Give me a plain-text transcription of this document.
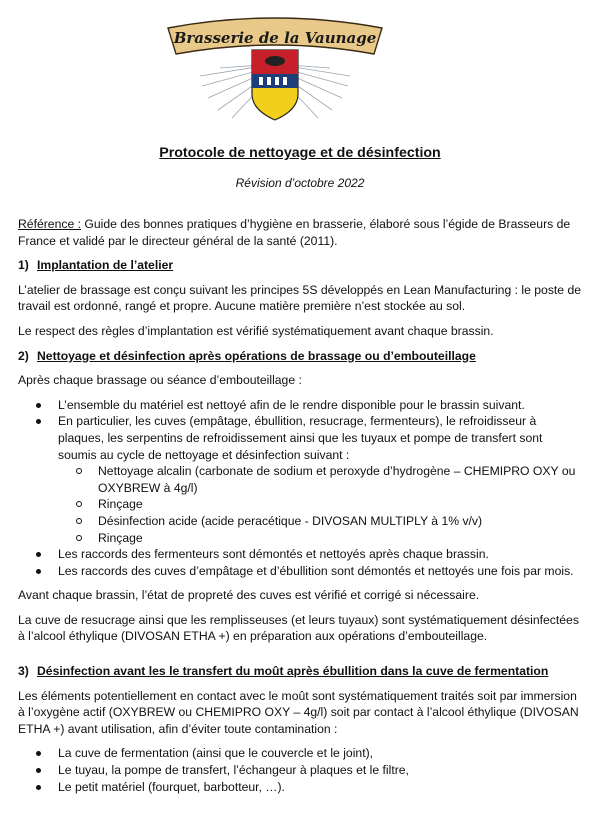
Brasserie de la Vaunage
Protocole de nettoyage et de désinfection
Révision d’octobre 2022

Référence : Guide des bonnes pratiques d’hygiène en brasserie, élaboré sous l’égide de Brasseurs de France et validé par le directeur général de la santé (2011).

1) Implantation de l’atelier

L’atelier de brassage est conçu suivant les principes 5S développés en Lean Manufacturing : le poste de travail est ordonné, rangé et propre. Aucune matière première n’est stockée au sol.

Le respect des règles d’implantation est vérifié systématiquement avant chaque brassin.

2) Nettoyage et désinfection après opérations de brassage ou d’embouteillage

Après chaque brassage ou séance d’embouteillage :

L’ensemble du matériel est nettoyé afin de le rendre disponible pour le brassin suivant.
En particulier, les cuves (empâtage, ébullition, resucrage, fermenteurs), le refroidisseur à plaques, les serpentins de refroidissement ainsi que les tuyaux et pompe de transfert sont soumis au cycle de nettoyage et désinfection suivant :
Nettoyage alcalin (carbonate de sodium et peroxyde d’hydrogène – CHEMIPRO OXY ou OXYBREW à 4g/l)
Rinçage
Désinfection acide (acide peracétique - DIVOSAN MULTIPLY à 1% v/v)
Rinçage
Les raccords des fermenteurs sont démontés et nettoyés après chaque brassin.
Les raccords des cuves d’empâtage et d’ébullition sont démontés et nettoyés une fois par mois.

Avant chaque brassin, l’état de propreté des cuves est vérifié et corrigé si nécessaire.

La cuve de resucrage ainsi que les remplisseuses (et leurs tuyaux) sont systématiquement désinfectées à l’alcool éthylique (DIVOSAN ETHA +) en préparation aux opérations d’embouteillage.

3) Désinfection avant les le transfert du moût après ébullition dans la cuve de fermentation

Les éléments potentiellement en contact avec le moût sont systématiquement traités soit par immersion à l’oxygène actif (OXYBREW ou CHEMIPRO OXY – 4g/l) soit par contact à l’alcool éthylique (DIVOSAN ETHA +) avant utilisation, afin d’éviter toute contamination :

La cuve de fermentation (ainsi que le couvercle et le joint),
Le tuyau, la pompe de transfert, l’échangeur à plaques et le filtre,
Le petit matériel (fourquet, barbotteur, …).
